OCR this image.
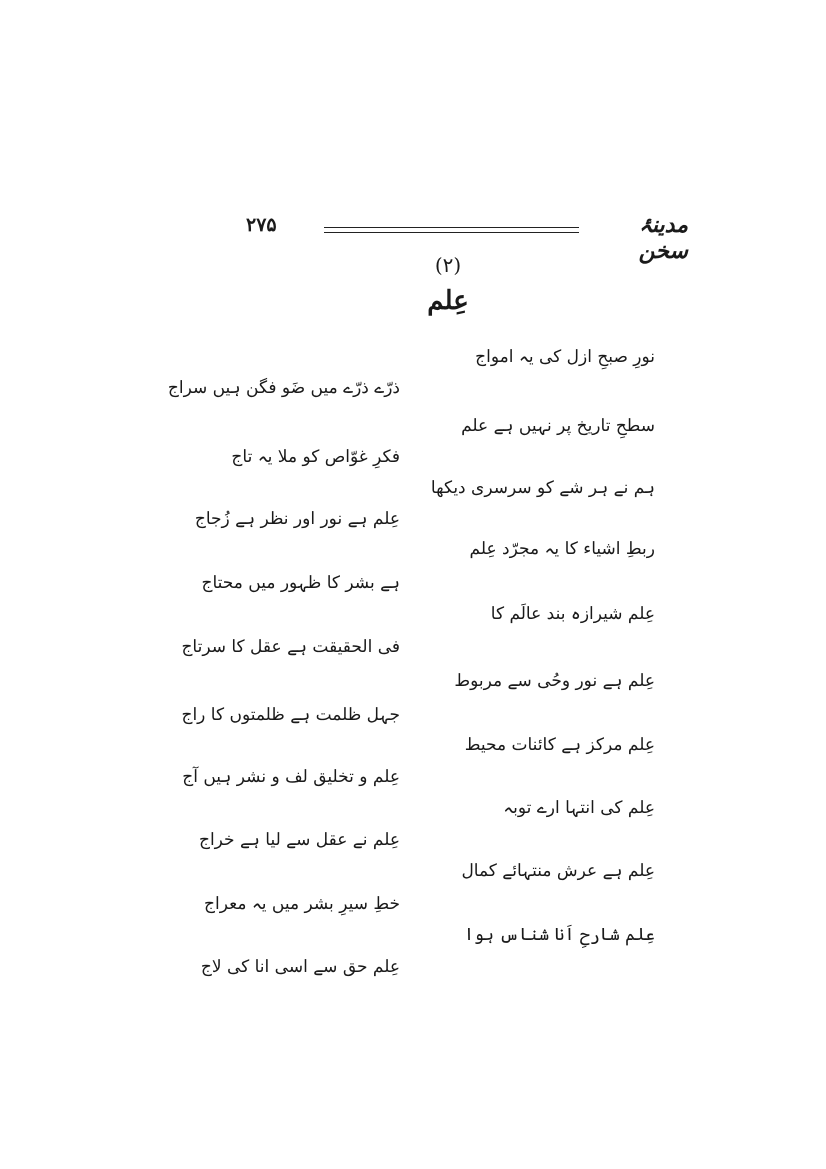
۲۷۵	مدینۂ سخن
(۲)
عِلم
نورِ صبحِ ازل کی یہ امواج
ذرّے ذرّے میں ضَو فگن ہیں سراج
سطحِ تاریخ پر نہیں ہے علم
فکرِ غوّاص کو ملا یہ تاج
ہم نے ہر شے کو سرسری دیکھا
عِلم ہے نور اور نظر ہے زُجاج
ربطِ اشیاء کا یہ مجرّد عِلم
ہے بشر کا ظہور میں محتاج
عِلم شیرازہ بند عالَم کا
فی الحقیقت ہے عقل کا سرتاج
عِلم ہے نور وحُی سے مربوط
جہل ظلمت ہے ظلمتوں کا راج
عِلم مرکز ہے کائنات محیط
عِلم و تخلیق لف و نشر ہیں آج
عِلم کی انتہا ارے توبہ
عِلم نے عقل سے لیا ہے خراج
عِلم ہے عرش منتہائے کمال
خطِ سیرِ بشر میں یہ معراج
عِلم شارحِ اَنا شناس ہوا
عِلم حق سے اسی انا کی لاج
